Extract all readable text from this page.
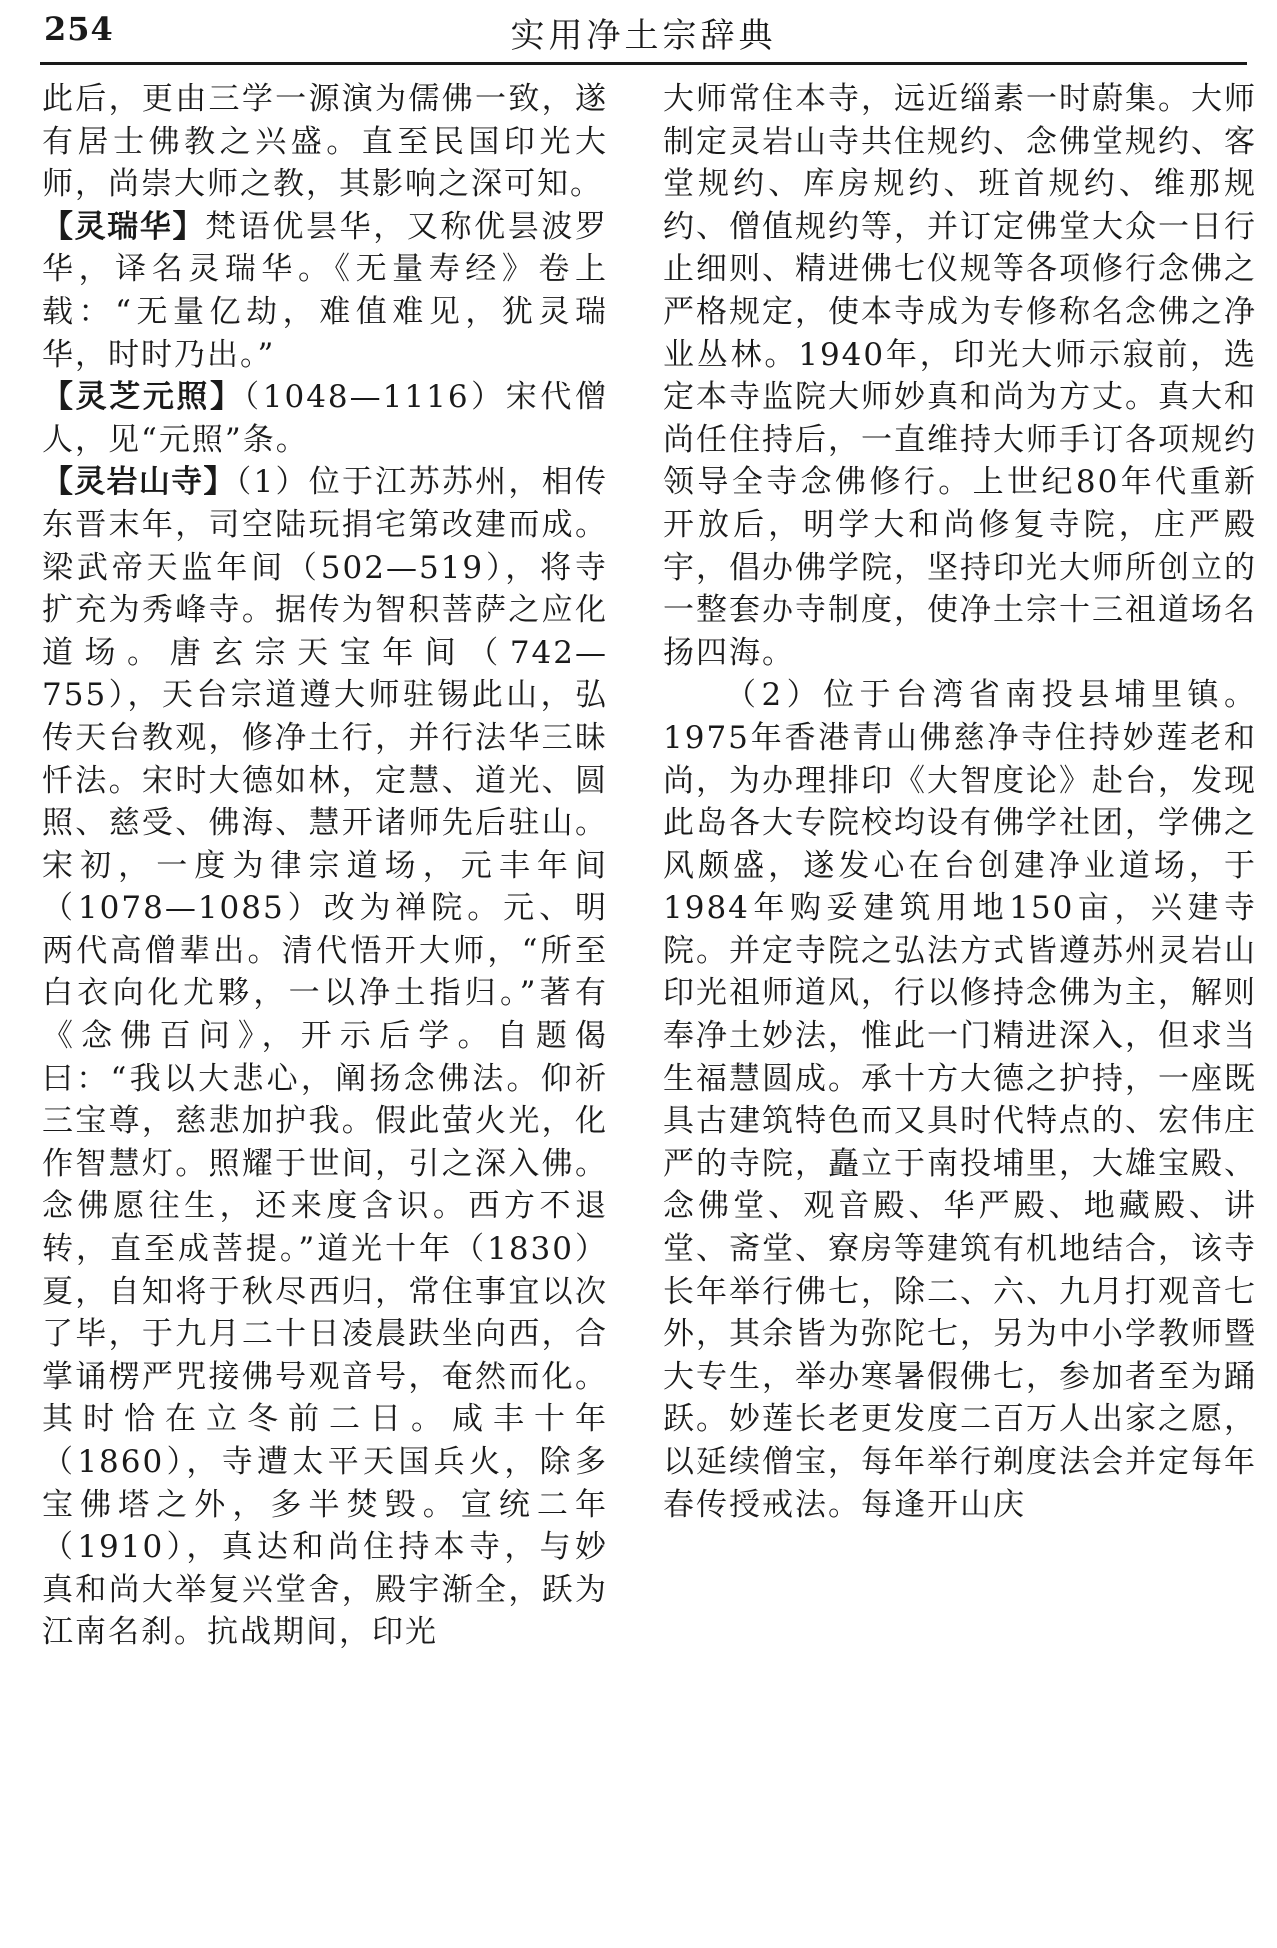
254	实用净土宗辞典

此后，更由三学一源演为儒佛一致，遂有居士佛教之兴盛。直至民国印光大师，尚崇大师之教，其影响之深可知。

【灵瑞华】梵语优昙华，又称优昙波罗华，译名灵瑞华。《无量寿经》卷上载：“无量亿劫，难值难见，犹灵瑞华，时时乃出。”

【灵芝元照】（1048—1116）宋代僧人，见“元照”条。

【灵岩山寺】（1）位于江苏苏州，相传东晋末年，司空陆玩捐宅第改建而成。梁武帝天监年间（502—519），将寺扩充为秀峰寺。据传为智积菩萨之应化道场。唐玄宗天宝年间（742—755），天台宗道遵大师驻锡此山，弘传天台教观，修净土行，并行法华三昧忏法。宋时大德如林，定慧、道光、圆照、慈受、佛海、慧开诸师先后驻山。宋初，一度为律宗道场，元丰年间（1078—1085）改为禅院。元、明两代高僧辈出。清代悟开大师，“所至白衣向化尤夥，一以净土指归。”著有《念佛百问》，开示后学。自题偈曰：“我以大悲心，阐扬念佛法。仰祈三宝尊，慈悲加护我。假此萤火光，化作智慧灯。照耀于世间，引之深入佛。念佛愿往生，还来度含识。西方不退转，直至成菩提。”道光十年（1830）夏，自知将于秋尽西归，常住事宜以次了毕，于九月二十日凌晨趺坐向西，合掌诵楞严咒接佛号观音号，奄然而化。其时恰在立冬前二日。咸丰十年（1860），寺遭太平天国兵火，除多宝佛塔之外，多半焚毁。宣统二年（1910），真达和尚住持本寺，与妙真和尚大举复兴堂舍，殿宇渐全，跃为江南名刹。抗战期间，印光

大师常住本寺，远近缁素一时蔚集。大师制定灵岩山寺共住规约、念佛堂规约、客堂规约、库房规约、班首规约、维那规约、僧值规约等，并订定佛堂大众一日行止细则、精进佛七仪规等各项修行念佛之严格规定，使本寺成为专修称名念佛之净业丛林。1940年，印光大师示寂前，选定本寺监院大师妙真和尚为方丈。真大和尚任住持后，一直维持大师手订各项规约领导全寺念佛修行。上世纪80年代重新开放后，明学大和尚修复寺院，庄严殿宇，倡办佛学院，坚持印光大师所创立的一整套办寺制度，使净土宗十三祖道场名扬四海。

（2）位于台湾省南投县埔里镇。1975年香港青山佛慈净寺住持妙莲老和尚，为办理排印《大智度论》赴台，发现此岛各大专院校均设有佛学社团，学佛之风颇盛，遂发心在台创建净业道场，于1984年购妥建筑用地150亩，兴建寺院。并定寺院之弘法方式皆遵苏州灵岩山印光祖师道风，行以修持念佛为主，解则奉净土妙法，惟此一门精进深入，但求当生福慧圆成。承十方大德之护持，一座既具古建筑特色而又具时代特点的、宏伟庄严的寺院，矗立于南投埔里，大雄宝殿、念佛堂、观音殿、华严殿、地藏殿、讲堂、斋堂、寮房等建筑有机地结合，该寺长年举行佛七，除二、六、九月打观音七外，其余皆为弥陀七，另为中小学教师暨大专生，举办寒暑假佛七，参加者至为踊跃。妙莲长老更发度二百万人出家之愿，以延续僧宝，每年举行剃度法会并定每年春传授戒法。每逢开山庆
